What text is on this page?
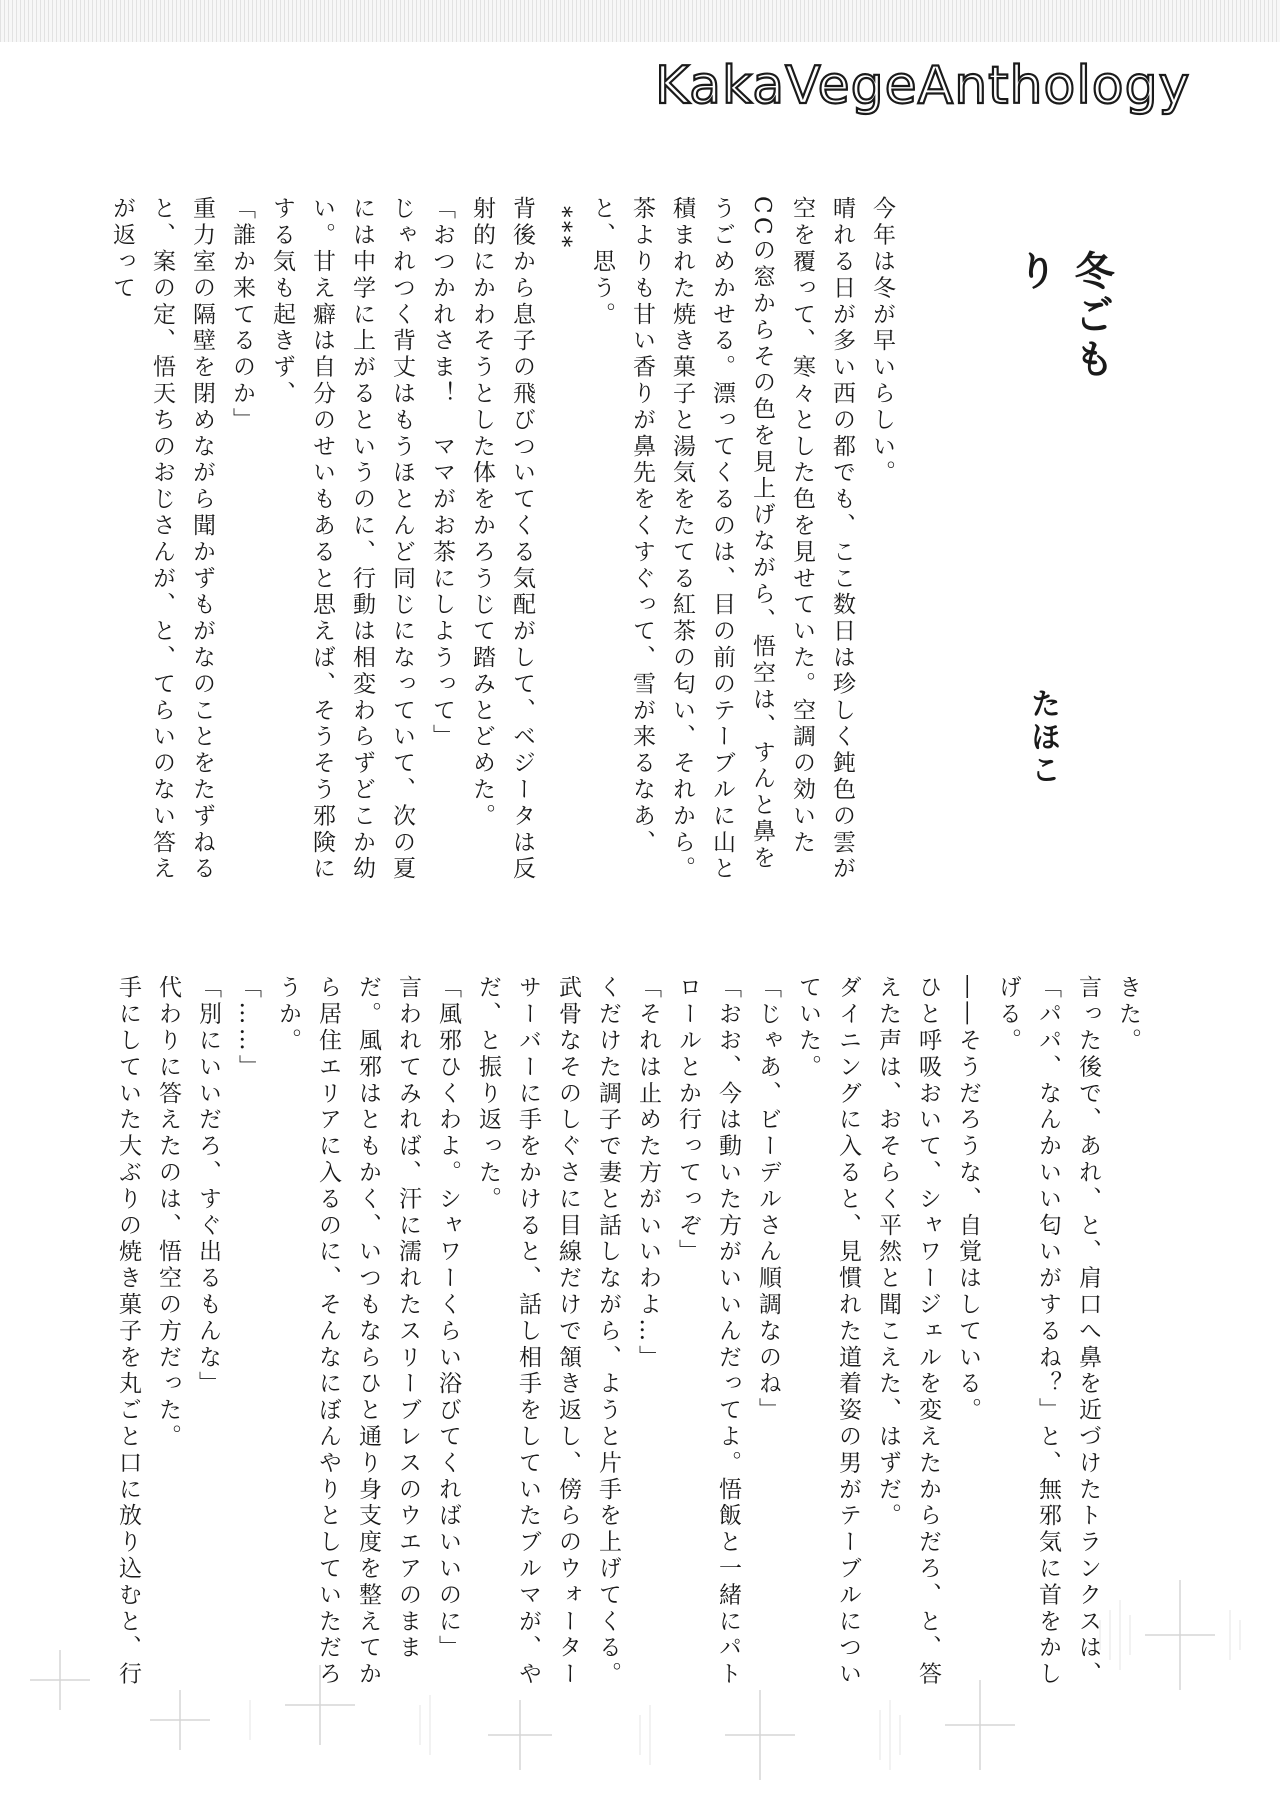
KakaVegeAnthology
冬ごもり
たほこ

今年は冬が早いらしい。

晴れる日が多い西の都でも、ここ数日は珍しく鈍色の雲が空を覆って、寒々とした色を見せていた。空調の効いたCCの窓からその色を見上げながら、悟空は、すんと鼻をうごめかせる。漂ってくるのは、目の前のテーブルに山と積まれた焼き菓子と湯気をたてる紅茶の匂い、それから。

茶よりも甘い香りが鼻先をくすぐって、雪が来るなあ、と、思う。

***

背後から息子の飛びついてくる気配がして、ベジータは反射的にかわそうとした体をかろうじて踏みとどめた。

「おつかれさま！　ママがお茶にしようって」

じゃれつく背丈はもうほとんど同じになっていて、次の夏には中学に上がるというのに、行動は相変わらずどこか幼い。甘え癖は自分のせいもあると思えば、そうそう邪険にする気も起きず、

「誰か来てるのか」

重力室の隔壁を閉めながら聞かずもがなのことをたずねると、案の定、悟天ちのおじさんが、と、てらいのない答えが返って

きた。

言った後で、あれ、と、肩口へ鼻を近づけたトランクスは、「パパ、なんかいい匂いがするね？」と、無邪気に首をかしげる。

――そうだろうな、自覚はしている。

ひと呼吸おいて、シャワージェルを変えたからだろ、と、答えた声は、おそらく平然と聞こえた、はずだ。

ダイニングに入ると、見慣れた道着姿の男がテーブルについていた。

「じゃあ、ビーデルさん順調なのね」

「おお、今は動いた方がいいんだってよ。悟飯と一緒にパトロールとか行ってっぞ」

「それは止めた方がいいわよ…」

くだけた調子で妻と話しながら、ようと片手を上げてくる。武骨なそのしぐさに目線だけで頷き返し、傍らのウォーターサーバーに手をかけると、話し相手をしていたブルマが、やだ、と振り返った。

「風邪ひくわよ。シャワーくらい浴びてくればいいのに」

言われてみれば、汗に濡れたスリーブレスのウエアのままだ。風邪はともかく、いつもならひと通り身支度を整えてから居住エリアに入るのに、そんなにぼんやりとしていただろうか。

「……」

「別にいいだろ、すぐ出るもんな」

代わりに答えたのは、悟空の方だった。

手にしていた大ぶりの焼き菓子を丸ごと口に放り込むと、行
